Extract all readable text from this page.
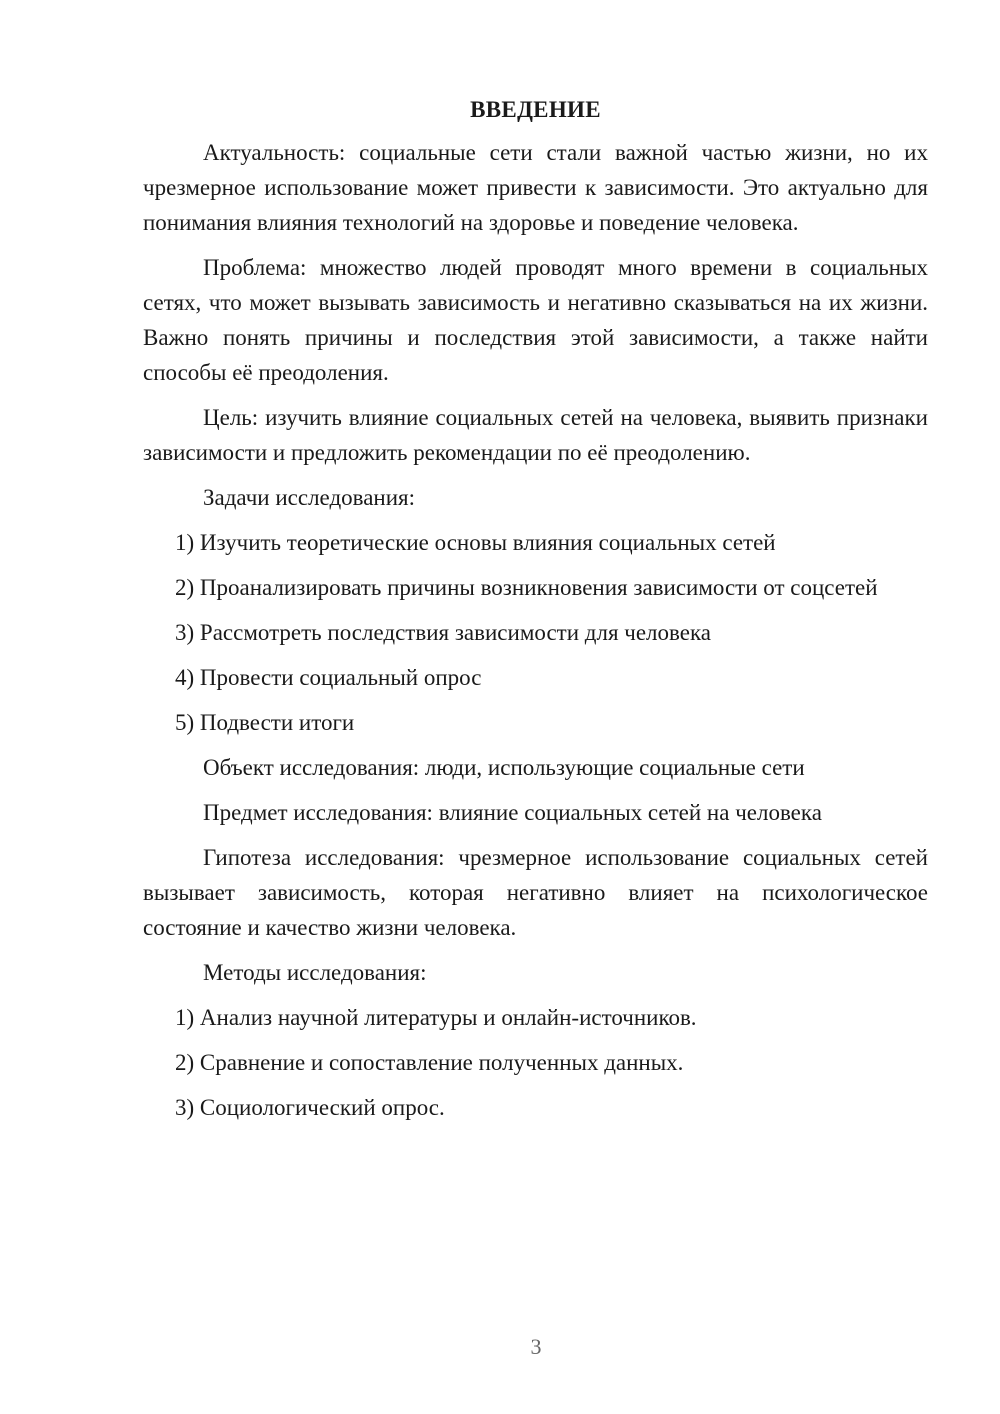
ВВЕДЕНИЕ

Актуальность: социальные сети стали важной частью жизни, но их чрезмерное использование может привести к зависимости. Это актуально для понимания влияния технологий на здоровье и поведение человека.

Проблема: множество людей проводят много времени в социальных сетях, что может вызывать зависимость и негативно сказываться на их жизни. Важно понять причины и последствия этой зависимости, а также найти способы её преодоления.

Цель: изучить влияние социальных сетей на человека, выявить признаки зависимости и предложить рекомендации по её преодолению.

Задачи исследования:

1) Изучить теоретические основы влияния социальных сетей

2) Проанализировать причины возникновения зависимости от соцсетей

3) Рассмотреть последствия зависимости для человека

4) Провести социальный опрос

5) Подвести итоги

Объект исследования: люди, использующие социальные сети

Предмет исследования: влияние социальных сетей на человека

Гипотеза исследования: чрезмерное использование социальных сетей вызывает зависимость, которая негативно влияет на психологическое состояние и качество жизни человека.

Методы исследования:

1) Анализ научной литературы и онлайн-источников.

2) Сравнение и сопоставление полученных данных.

3) Социологический опрос.

3
